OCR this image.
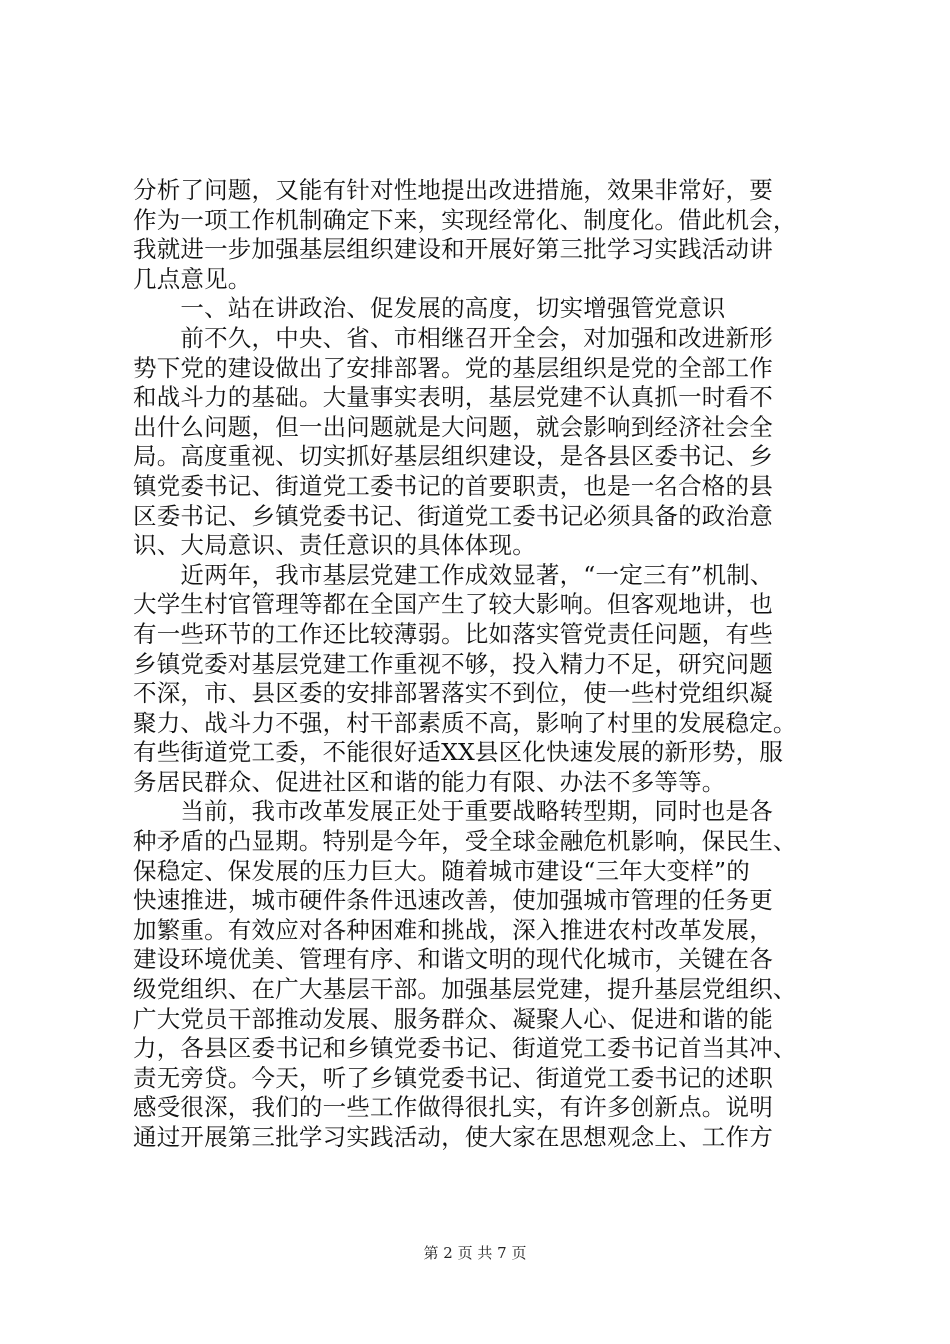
分析了问题，又能有针对性地提出改进措施，效果非常好，要
作为一项工作机制确定下来，实现经常化、制度化。借此机会，
我就进一步加强基层组织建设和开展好第三批学习实践活动讲
几点意见。
　　一、站在讲政治、促发展的高度，切实增强管党意识
　　前不久，中央、省、市相继召开全会，对加强和改进新形
势下党的建设做出了安排部署。党的基层组织是党的全部工作
和战斗力的基础。大量事实表明，基层党建不认真抓一时看不
出什么问题，但一出问题就是大问题，就会影响到经济社会全
局。高度重视、切实抓好基层组织建设，是各县区委书记、乡
镇党委书记、街道党工委书记的首要职责，也是一名合格的县
区委书记、乡镇党委书记、街道党工委书记必须具备的政治意
识、大局意识、责任意识的具体体现。
　　近两年，我市基层党建工作成效显著，“一定三有”机制、
大学生村官管理等都在全国产生了较大影响。但客观地讲，也
有一些环节的工作还比较薄弱。比如落实管党责任问题，有些
乡镇党委对基层党建工作重视不够，投入精力不足，研究问题
不深，市、县区委的安排部署落实不到位，使一些村党组织凝
聚力、战斗力不强，村干部素质不高，影响了村里的发展稳定。
有些街道党工委，不能很好适XX县区化快速发展的新形势，服
务居民群众、促进社区和谐的能力有限、办法不多等等。
　　当前，我市改革发展正处于重要战略转型期，同时也是各
种矛盾的凸显期。特别是今年，受全球金融危机影响，保民生、
保稳定、保发展的压力巨大。随着城市建设“三年大变样”的
快速推进，城市硬件条件迅速改善，使加强城市管理的任务更
加繁重。有效应对各种困难和挑战，深入推进农村改革发展，
建设环境优美、管理有序、和谐文明的现代化城市，关键在各
级党组织、在广大基层干部。加强基层党建，提升基层党组织、
广大党员干部推动发展、服务群众、凝聚人心、促进和谐的能
力，各县区委书记和乡镇党委书记、街道党工委书记首当其冲、
责无旁贷。今天，听了乡镇党委书记、街道党工委书记的述职
感受很深，我们的一些工作做得很扎实，有许多创新点。说明
通过开展第三批学习实践活动，使大家在思想观念上、工作方
第 2 页 共 7 页
